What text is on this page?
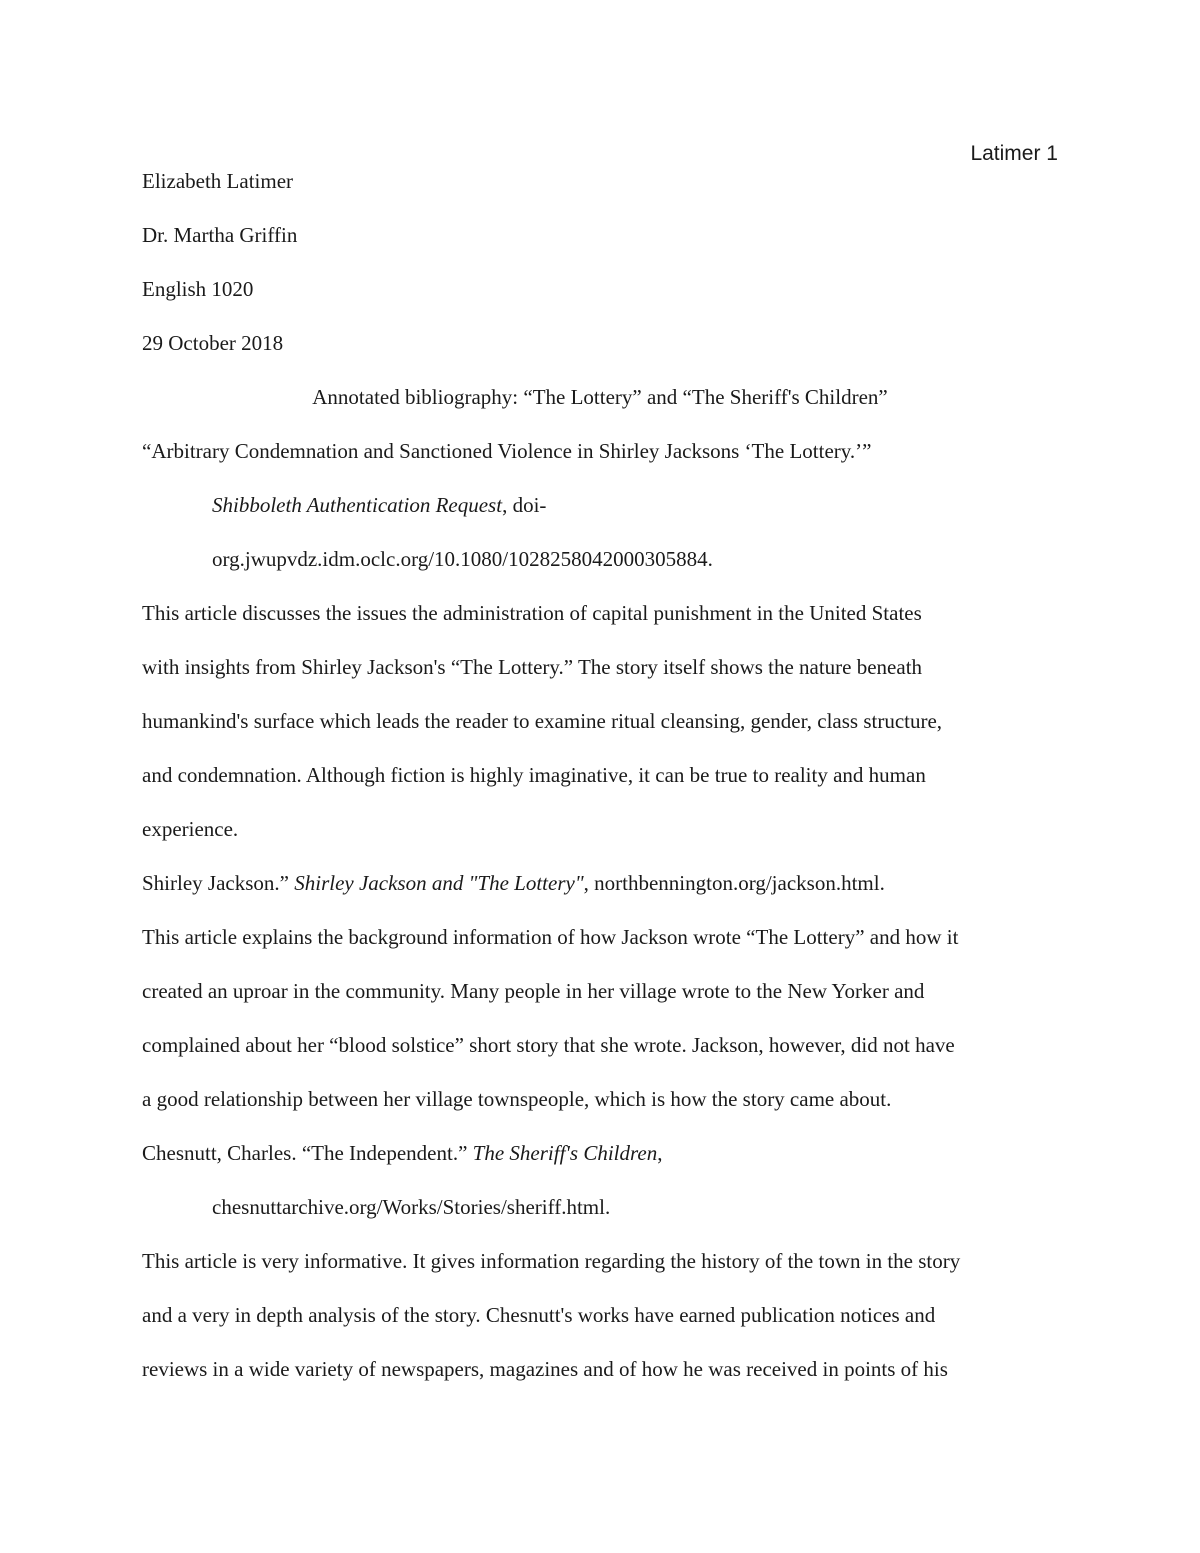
Latimer 1
Elizabeth Latimer
Dr. Martha Griffin
English 1020
29 October 2018
Annotated bibliography: “The Lottery” and “The Sheriff's Children”
“Arbitrary Condemnation and Sanctioned Violence in Shirley Jacksons ‘The Lottery.’”
Shibboleth Authentication Request, doi-
org.jwupvdz.idm.oclc.org/10.1080/1028258042000305884.
This article discusses the issues the administration of capital punishment in the United States
with insights from Shirley Jackson's “The Lottery.” The story itself shows the nature beneath
humankind's surface which leads the reader to examine ritual cleansing, gender, class structure,
and condemnation. Although fiction is highly imaginative, it can be true to reality and human
experience.
Shirley Jackson.” Shirley Jackson and "The Lottery", northbennington.org/jackson.html.
This article explains the background information of how Jackson wrote “The Lottery” and how it
created an uproar in the community. Many people in her village wrote to the New Yorker and
complained about her “blood solstice” short story that she wrote. Jackson, however, did not have
a good relationship between her village townspeople, which is how the story came about.
Chesnutt, Charles. “The Independent.” The Sheriff's Children,
chesnuttarchive.org/Works/Stories/sheriff.html.
This article is very informative. It gives information regarding the history of the town in the story
and a very in depth analysis of the story. Chesnutt's works have earned publication notices and
reviews in a wide variety of newspapers, magazines and of how he was received in points of his
